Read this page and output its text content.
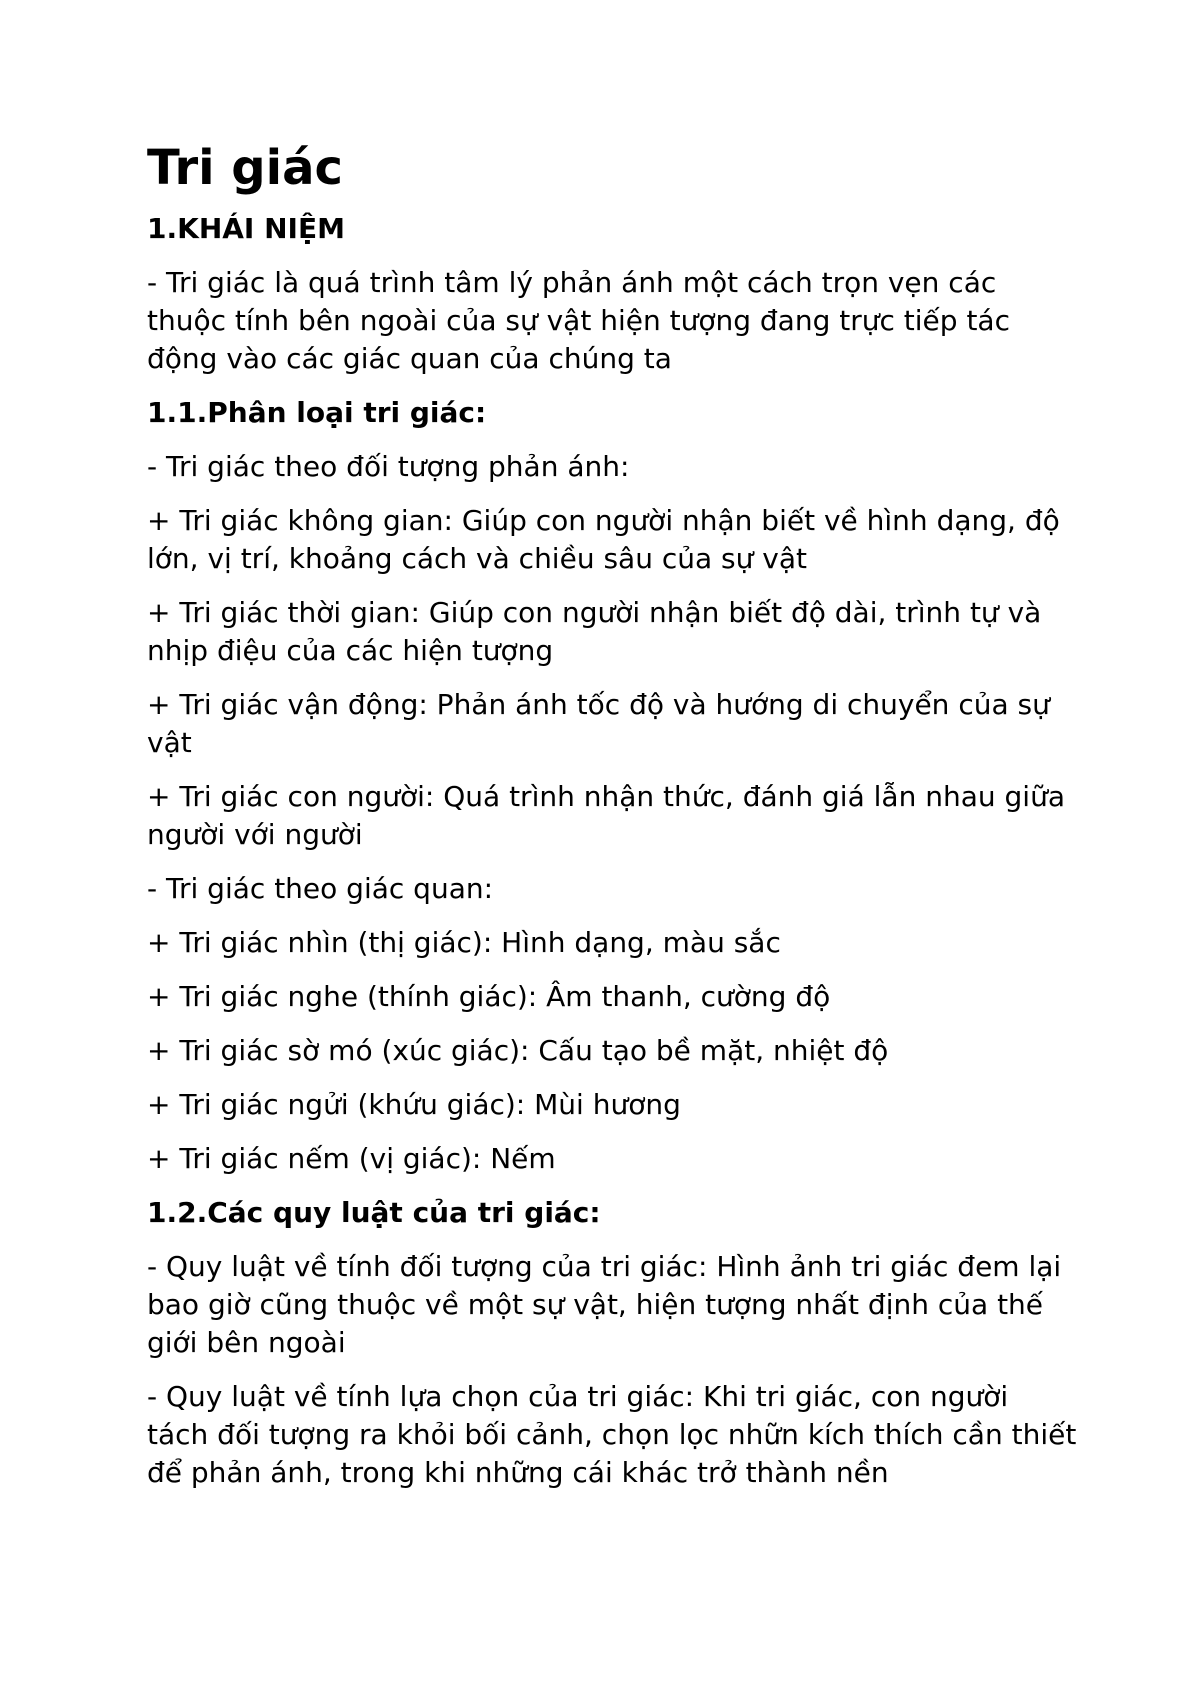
Tri giác
1.KHÁI NIỆM
- Tri giác là quá trình tâm lý phản ánh một cách trọn vẹn các thuộc tính bên ngoài của sự vật hiện tượng đang trực tiếp tác động vào các giác quan của chúng ta
1.1.Phân loại tri giác:
- Tri giác theo đối tượng phản ánh:
+ Tri giác không gian: Giúp con người nhận biết về hình dạng, độ lớn, vị trí, khoảng cách và chiều sâu của sự vật
+ Tri giác thời gian: Giúp con người nhận biết độ dài, trình tự và nhịp điệu của các hiện tượng
+ Tri giác vận động: Phản ánh tốc độ và hướng di chuyển của sự vật
+ Tri giác con người: Quá trình nhận thức, đánh giá lẫn nhau giữa người với người
- Tri giác theo giác quan:
+ Tri giác nhìn (thị giác): Hình dạng, màu sắc
+ Tri giác nghe (thính giác): Âm thanh, cường độ
+ Tri giác sờ mó (xúc giác): Cấu tạo bề mặt, nhiệt độ
+ Tri giác ngửi (khứu giác): Mùi hương
+ Tri giác nếm (vị giác): Nếm
1.2.Các quy luật của tri giác:
- Quy luật về tính đối tượng của tri giác: Hình ảnh tri giác đem lại bao giờ cũng thuộc về một sự vật, hiện tượng nhất định của thế giới bên ngoài
- Quy luật về tính lựa chọn của tri giác: Khi tri giác, con người tách đối tượng ra khỏi bối cảnh, chọn lọc nhữn kích thích cần thiết để phản ánh, trong khi những cái khác trở thành nền
